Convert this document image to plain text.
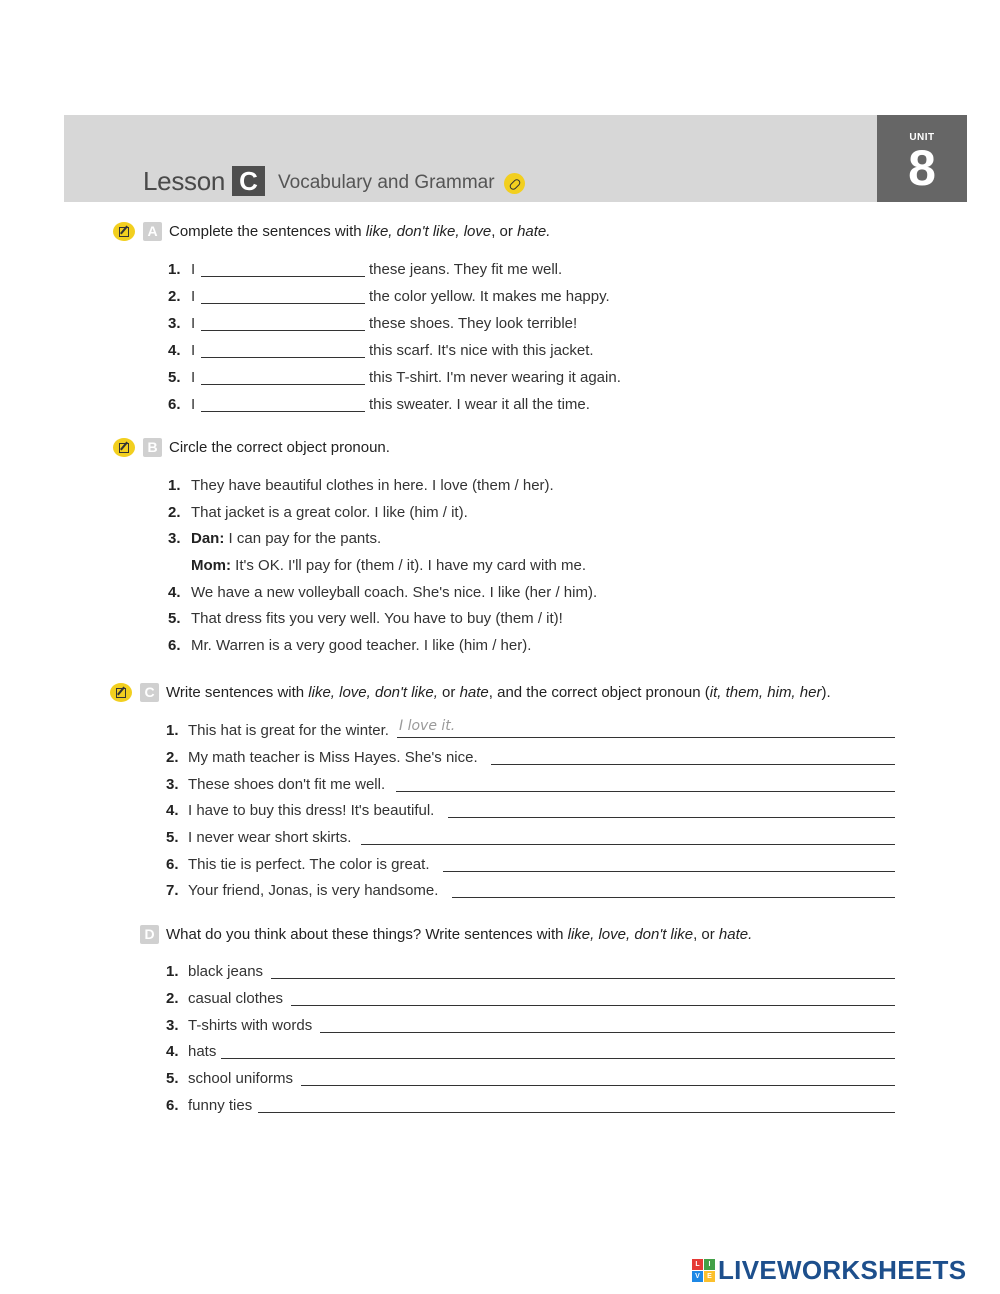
Lesson C	Vocabulary and Grammar
UNIT
8
A Complete the sentences with like, don't like, love, or hate.
1. I	these jeans. They fit me well.
2. I	the color yellow. It makes me happy.
3. I	these shoes. They look terrible!
4. I	this scarf. It's nice with this jacket.
5. I	this T-shirt. I'm never wearing it again.
6. I	this sweater. I wear it all the time.
B Circle the correct object pronoun.
1. They have beautiful clothes in here. I love (them / her).
2. That jacket is a great color. I like (him / it).
3. Dan: I can pay for the pants.
Mom: It's OK. I'll pay for (them / it). I have my card with me.
4. We have a new volleyball coach. She's nice. I like (her / him).
5. That dress fits you very well. You have to buy (them / it)!
6. Mr. Warren is a very good teacher. I like (him / her).
C Write sentences with like, love, don't like, or hate, and the correct object pronoun (it, them, him, her).
1. This hat is great for the winter. I love it.
2. My math teacher is Miss Hayes. She's nice.
3. These shoes don't fit me well.
4. I have to buy this dress! It's beautiful.
5. I never wear short skirts.
6. This tie is perfect. The color is great.
7. Your friend, Jonas, is very handsome.
D What do you think about these things? Write sentences with like, love, don't like, or hate.
1. black jeans
2. casual clothes
3. T-shirts with words
4. hats
5. school uniforms
6. funny ties
L	I
V	E LIVEWORKSHEETS
